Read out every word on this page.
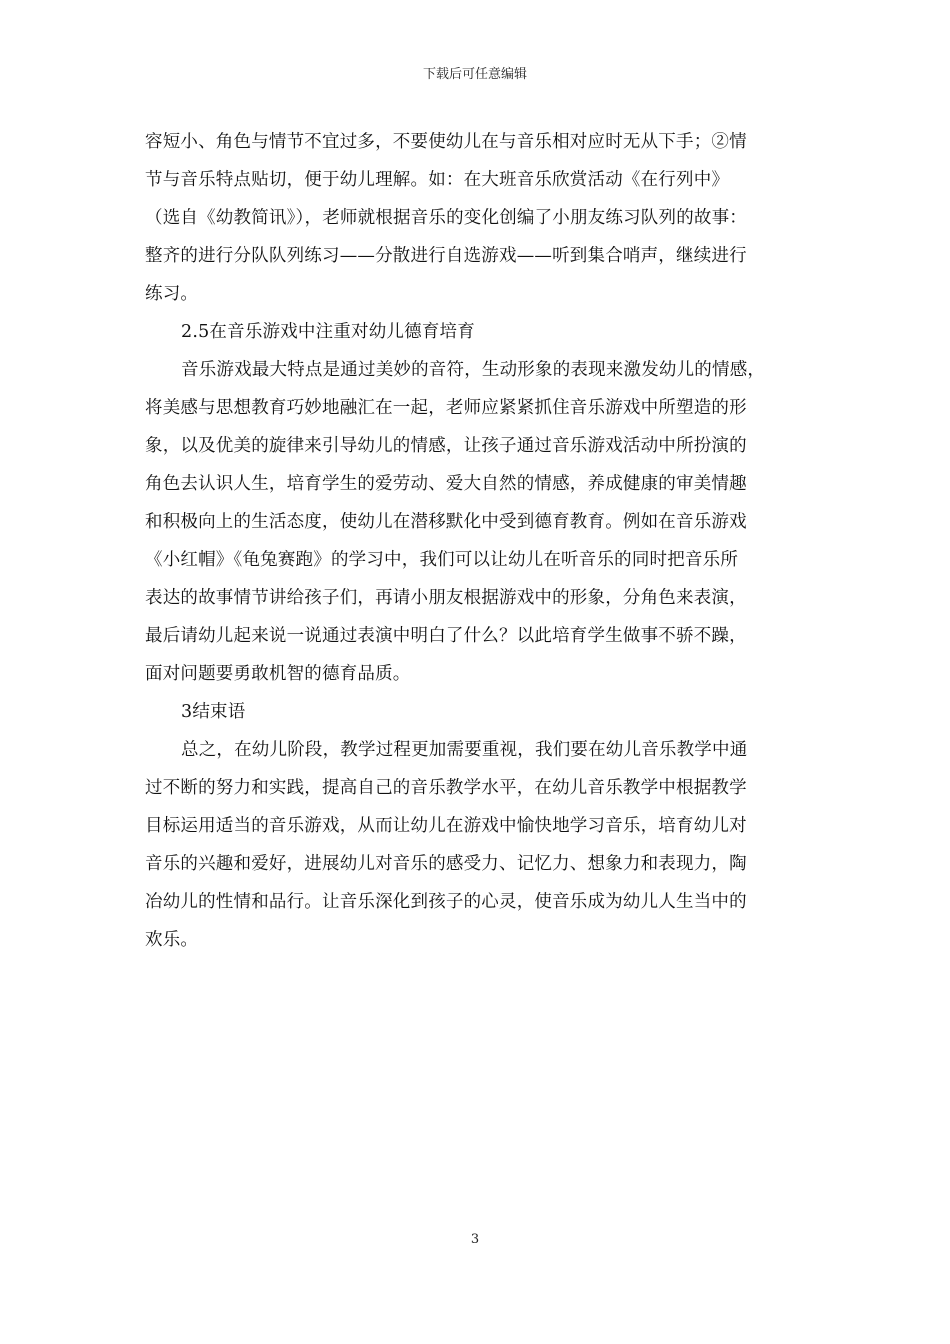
下载后可任意编辑
容短小、角色与情节不宜过多，不要使幼儿在与音乐相对应时无从下手；②情
节与音乐特点贴切，便于幼儿理解。如：在大班音乐欣赏活动《在行列中》
（选自《幼教简讯》），老师就根据音乐的变化创编了小朋友练习队列的故事：
整齐的进行分队队列练习——分散进行自选游戏——听到集合哨声，继续进行
练习。
2.5在音乐游戏中注重对幼儿德育培育
音乐游戏最大特点是通过美妙的音符，生动形象的表现来激发幼儿的情感，
将美感与思想教育巧妙地融汇在一起，老师应紧紧抓住音乐游戏中所塑造的形
象，以及优美的旋律来引导幼儿的情感，让孩子通过音乐游戏活动中所扮演的
角色去认识人生，培育学生的爱劳动、爱大自然的情感，养成健康的审美情趣
和积极向上的生活态度，使幼儿在潜移默化中受到德育教育。例如在音乐游戏
《小红帽》《龟兔赛跑》的学习中，我们可以让幼儿在听音乐的同时把音乐所
表达的故事情节讲给孩子们，再请小朋友根据游戏中的形象，分角色来表演，
最后请幼儿起来说一说通过表演中明白了什么？以此培育学生做事不骄不躁，
面对问题要勇敢机智的德育品质。
3结束语
总之，在幼儿阶段，教学过程更加需要重视，我们要在幼儿音乐教学中通
过不断的努力和实践，提高自己的音乐教学水平，在幼儿音乐教学中根据教学
目标运用适当的音乐游戏，从而让幼儿在游戏中愉快地学习音乐，培育幼儿对
音乐的兴趣和爱好，进展幼儿对音乐的感受力、记忆力、想象力和表现力，陶
冶幼儿的性情和品行。让音乐深化到孩子的心灵，使音乐成为幼儿人生当中的
欢乐。
3
